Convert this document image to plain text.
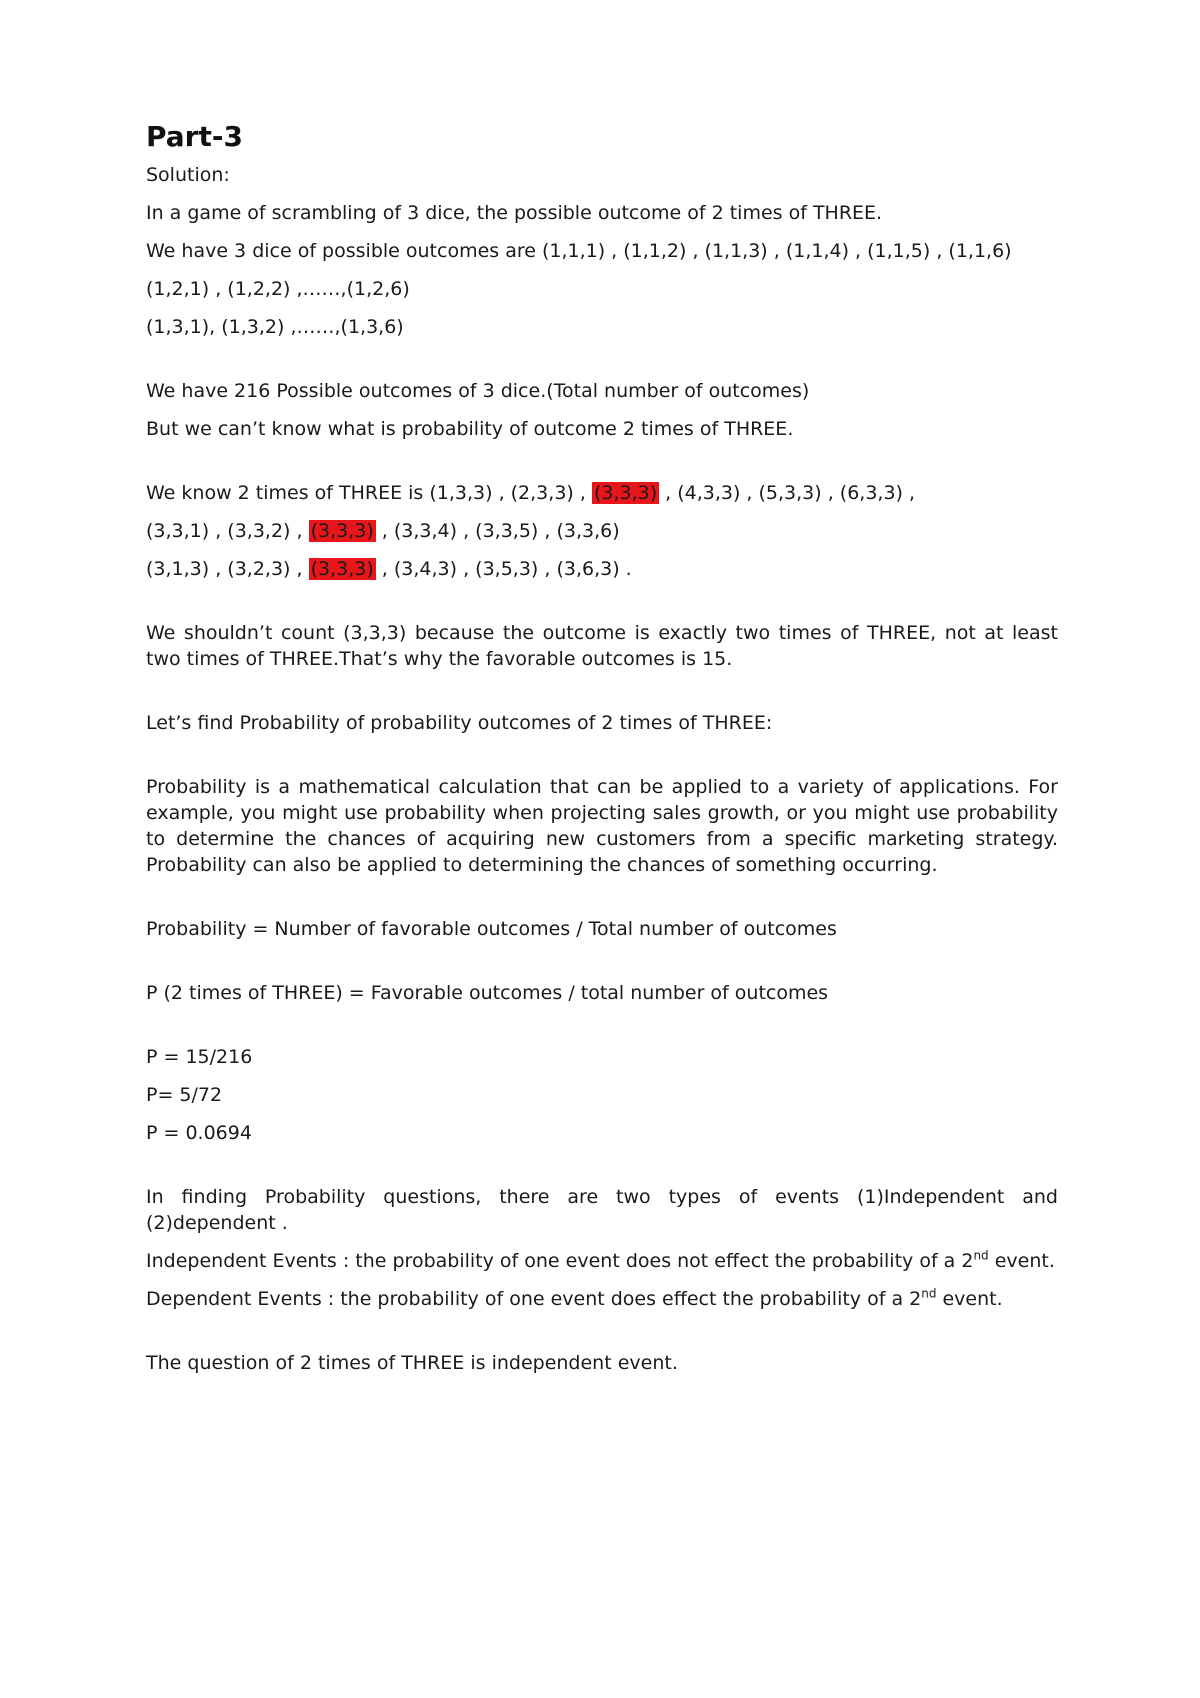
Part-3
Solution:
In a game of scrambling of 3 dice, the possible outcome of 2 times of THREE.
We have 3 dice of possible outcomes are (1,1,1) , (1,1,2) , (1,1,3) , (1,1,4) , (1,1,5) , (1,1,6)
(1,2,1) , (1,2,2) ,……,(1,2,6)
(1,3,1), (1,3,2) ,……,(1,3,6)
We have 216 Possible outcomes of 3 dice.(Total number of outcomes)
But we can’t know what is probability of outcome 2 times of THREE.
We know 2 times of THREE is (1,3,3) , (2,3,3) , (3,3,3) , (4,3,3) , (5,3,3) , (6,3,3) ,
(3,3,1) , (3,3,2) , (3,3,3) , (3,3,4) , (3,3,5) , (3,3,6)
(3,1,3) , (3,2,3) , (3,3,3) , (3,4,3) , (3,5,3) , (3,6,3) .
We shouldn’t count (3,3,3) because the outcome is exactly two times of THREE, not at least two times of THREE.That’s why the favorable outcomes is 15.
Let’s find Probability of probability outcomes of 2 times of THREE:
Probability is a mathematical calculation that can be applied to a variety of applications. For example, you might use probability when projecting sales growth, or you might use probability to determine the chances of acquiring new customers from a specific marketing strategy. Probability can also be applied to determining the chances of something occurring.
Probability = Number of favorable outcomes / Total number of outcomes
P (2 times of THREE) = Favorable outcomes / total number of outcomes
P = 15/216
P= 5/72
P = 0.0694
In finding Probability questions, there are two types of events (1)Independent and (2)dependent .
Independent Events : the probability of one event does not effect the probability of a 2nd event.
Dependent Events : the probability of one event does effect the probability of a 2nd event.
The question of 2 times of THREE is independent event.
